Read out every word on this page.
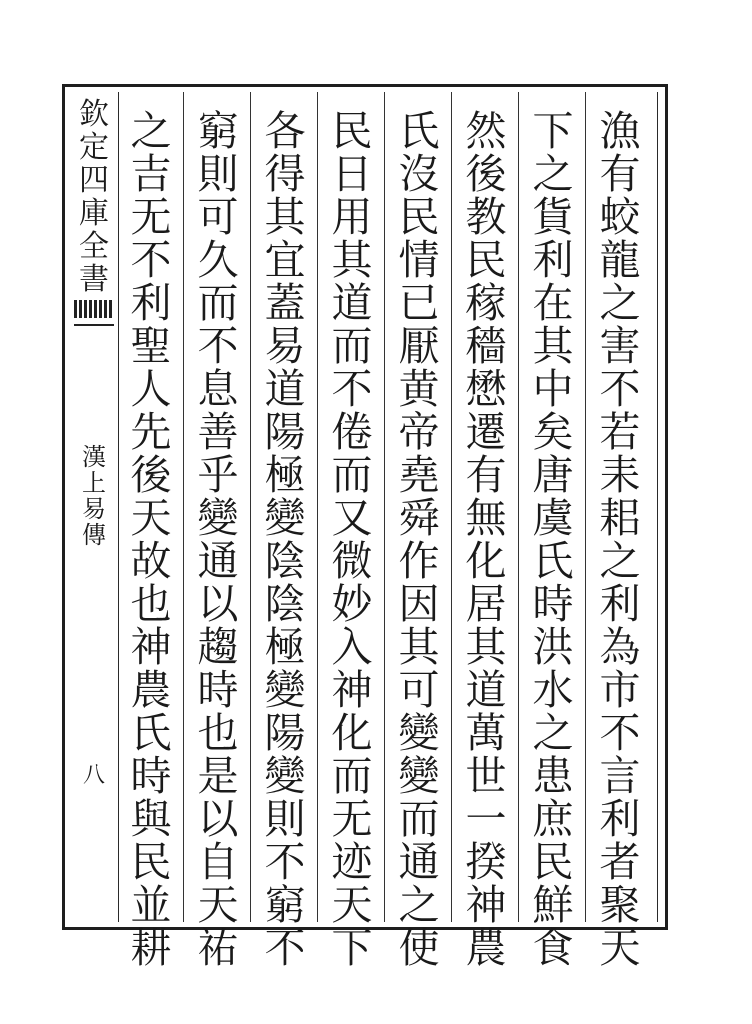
欽
定
四
庫
全
書
漢
上
易
傳
八
漁
有
蛟
龍
之
害
不
若
耒
耜
之
利
為
市
不
言
利
者
聚
天
下
之
貨
利
在
其
中
矣
唐
虞
氏
時
洪
水
之
患
庶
民
鮮
食
然
後
教
民
稼
穡
懋
遷
有
無
化
居
其
道
萬
世
一
揆
神
農
氏
沒
民
情
已
厭
黄
帝
堯
舜
作
因
其
可
變
變
而
通
之
使
民
日
用
其
道
而
不
倦
而
又
微
妙
入
神
化
而
无
迹
天
下
各
得
其
宜
蓋
易
道
陽
極
變
陰
陰
極
變
陽
變
則
不
窮
不
窮
則
可
久
而
不
息
善
乎
變
通
以
趨
時
也
是
以
自
天
祐
之
吉
无
不
利
聖
人
先
後
天
故
也
神
農
氏
時
與
民
並
耕
